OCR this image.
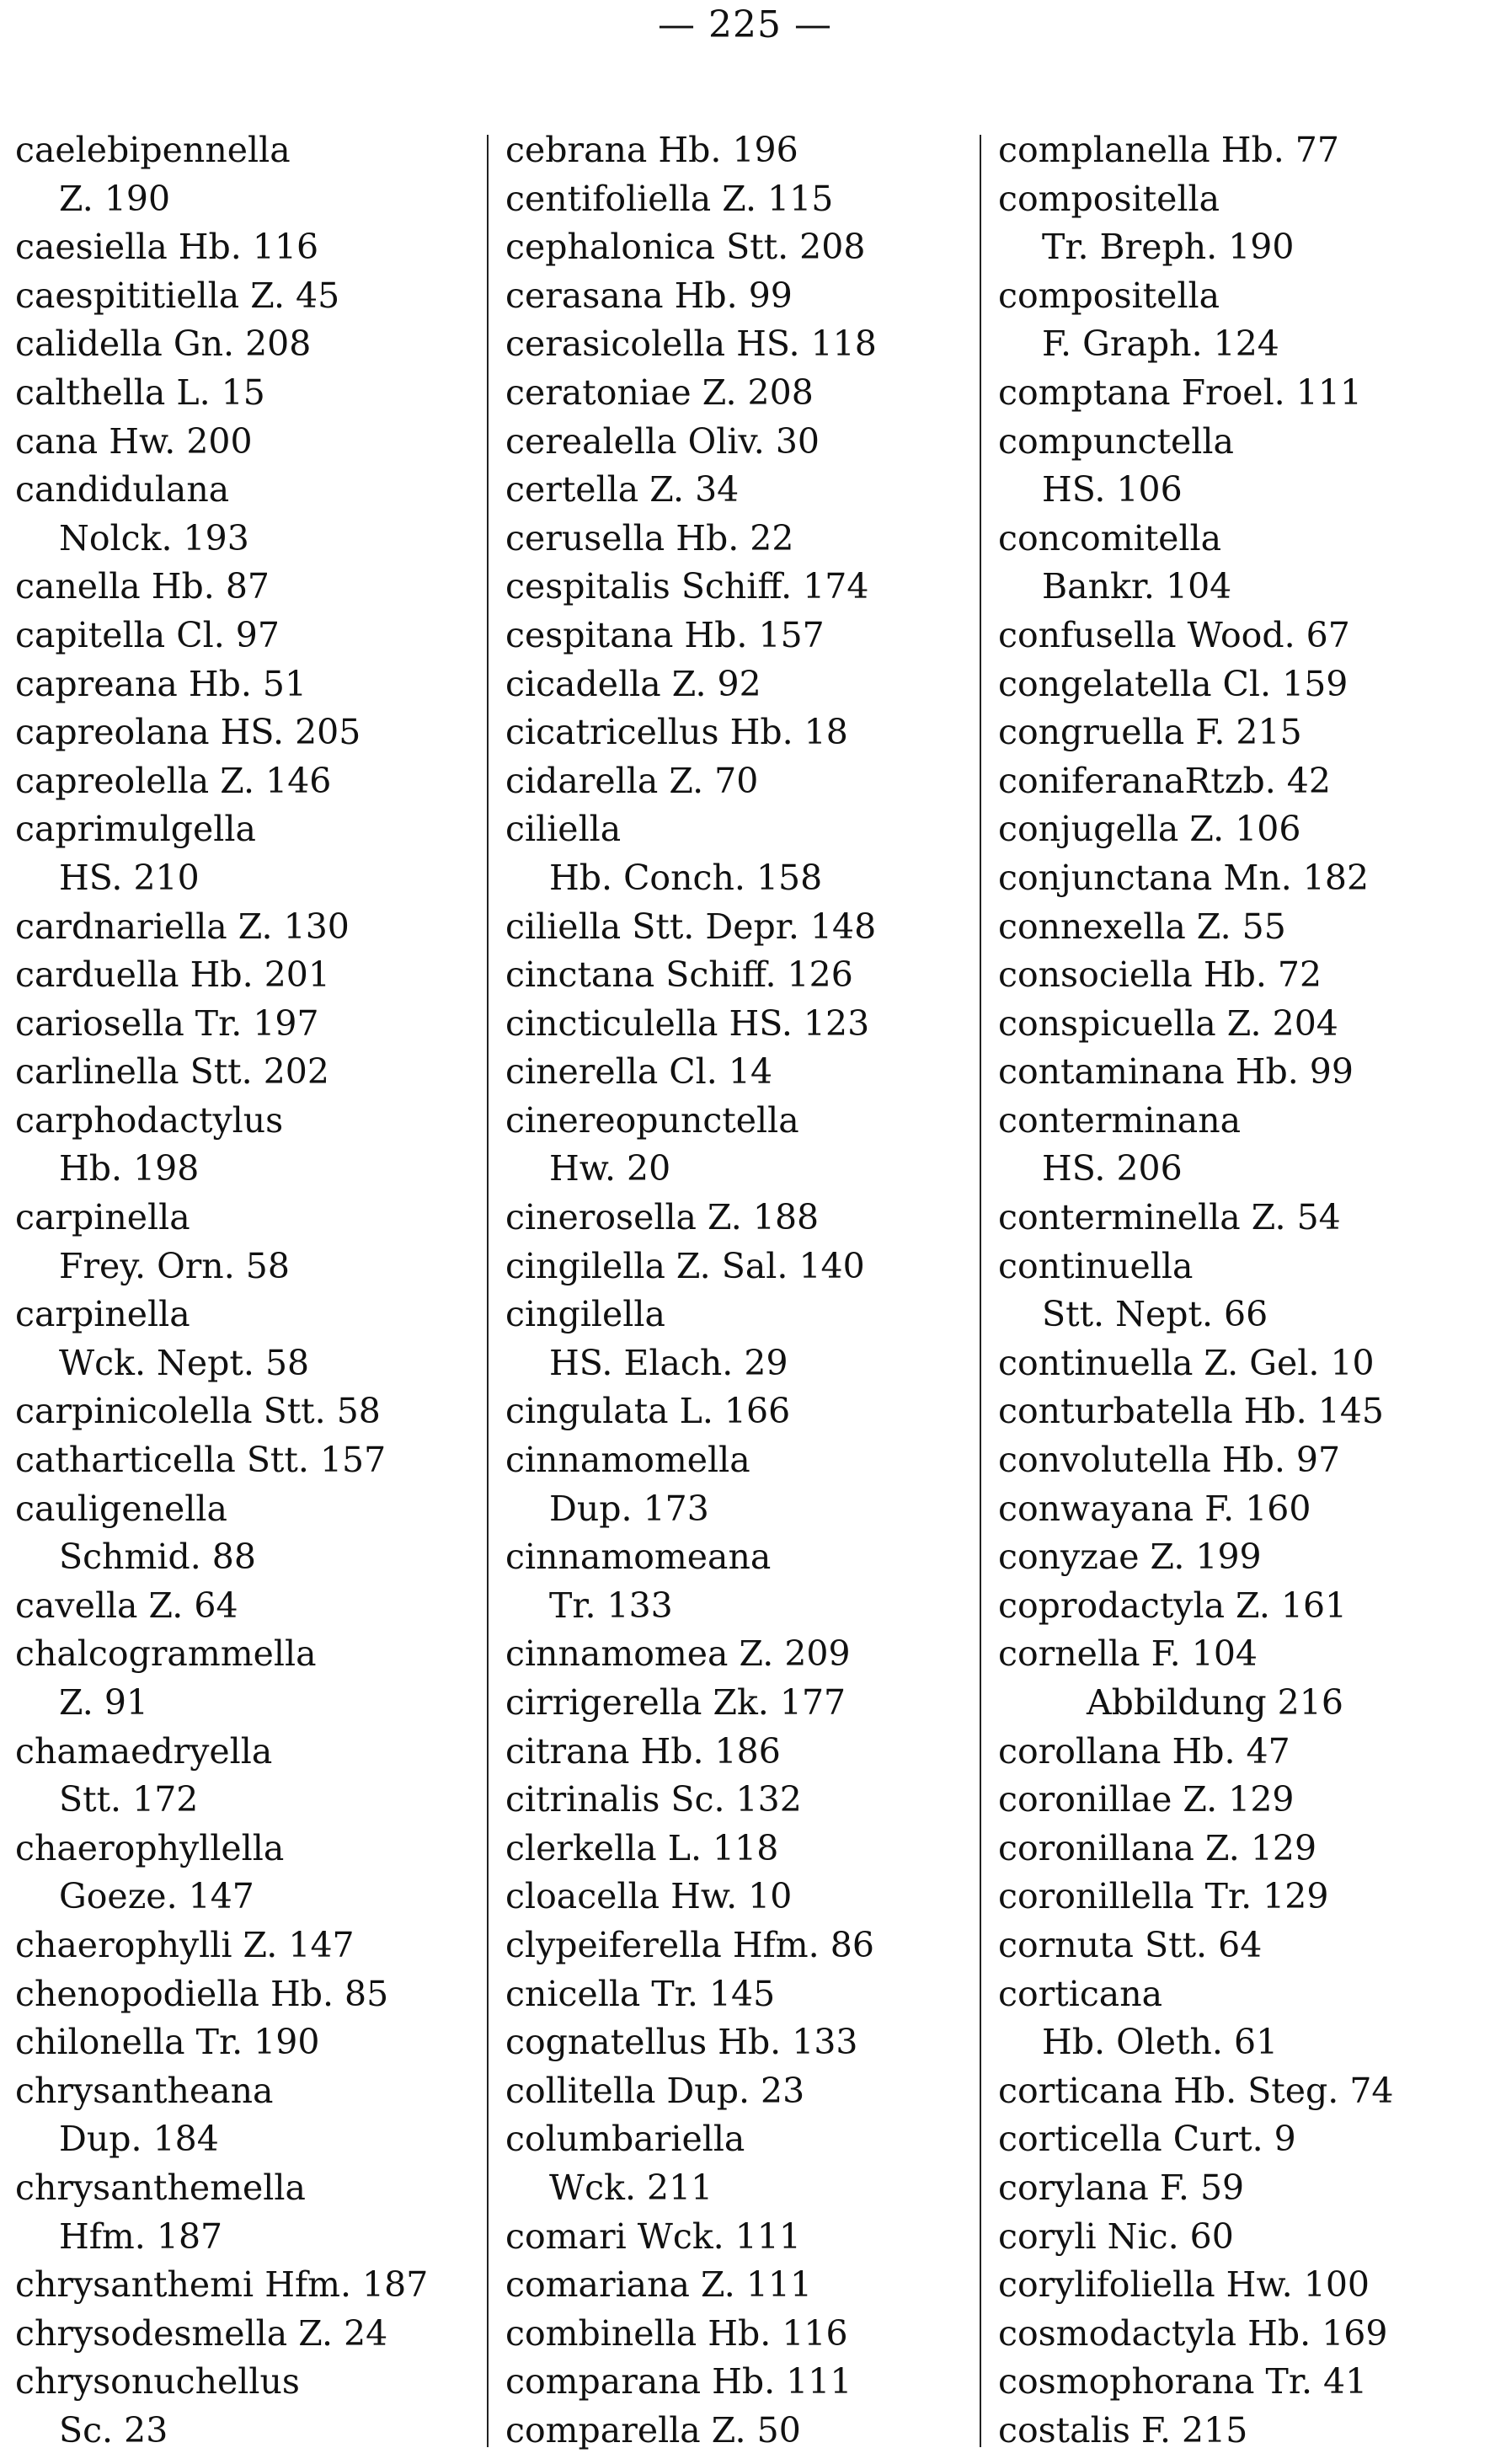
— 225 —
caelebipennella
Z. 190
caesiella Hb. 116
caespititiella Z. 45
calidella Gn. 208
calthella L. 15
cana Hw. 200
candidulana
Nolck. 193
canella Hb. 87
capitella Cl. 97
capreana Hb. 51
capreolana HS. 205
capreolella Z. 146
caprimulgella
HS. 210
cardnariella Z. 130
carduella Hb. 201
cariosella Tr. 197
carlinella Stt. 202
carphodactylus
Hb. 198
carpinella
Frey. Orn. 58
carpinella
Wck. Nept. 58
carpinicolella Stt. 58
catharticella Stt. 157
cauligenella
Schmid. 88
cavella Z. 64
chalcogrammella
Z. 91
chamaedryella
Stt. 172
chaerophyllella
Goeze. 147
chaerophylli Z. 147
chenopodiella Hb. 85
chilonella Tr. 190
chrysantheana
Dup. 184
chrysanthemella
Hfm. 187
chrysanthemi Hfm. 187
chrysodesmella Z. 24
chrysonuchellus
Sc. 23
cebrana Hb. 196
centifoliella Z. 115
cephalonica Stt. 208
cerasana Hb. 99
cerasicolella HS. 118
ceratoniae Z. 208
cerealella Oliv. 30
certella Z. 34
cerusella Hb. 22
cespitalis Schiff. 174
cespitana Hb. 157
cicadella Z. 92
cicatricellus Hb. 18
cidarella Z. 70
ciliella
Hb. Conch. 158
ciliella Stt. Depr. 148
cinctana Schiff. 126
cincticulella HS. 123
cinerella Cl. 14
cinereopunctella
Hw. 20
cinerosella Z. 188
cingilella Z. Sal. 140
cingilella
HS. Elach. 29
cingulata L. 166
cinnamomella
Dup. 173
cinnamomeana
Tr. 133
cinnamomea Z. 209
cirrigerella Zk. 177
citrana Hb. 186
citrinalis Sc. 132
clerkella L. 118
cloacella Hw. 10
clypeiferella Hfm. 86
cnicella Tr. 145
cognatellus Hb. 133
collitella Dup. 23
columbariella
Wck. 211
comari Wck. 111
comariana Z. 111
combinella Hb. 116
comparana Hb. 111
comparella Z. 50
complanella Hb. 77
compositella
Tr. Breph. 190
compositella
F. Graph. 124
comptana Froel. 111
compunctella
HS. 106
concomitella
Bankr. 104
confusella Wood. 67
congelatella Cl. 159
congruella F. 215
coniferanaRtzb. 42
conjugella Z. 106
conjunctana Mn. 182
connexella Z. 55
consociella Hb. 72
conspicuella Z. 204
contaminana Hb. 99
conterminana
HS. 206
conterminella Z. 54
continuella
Stt. Nept. 66
continuella Z. Gel. 10
conturbatella Hb. 145
convolutella Hb. 97
conwayana F. 160
conyzae Z. 199
coprodactyla Z. 161
cornella F. 104
Abbildung 216
corollana Hb. 47
coronillae Z. 129
coronillana Z. 129
coronillella Tr. 129
cornuta Stt. 64
corticana
Hb. Oleth. 61
corticana Hb. Steg. 74
corticella Curt. 9
corylana F. 59
coryli Nic. 60
corylifoliella Hw. 100
cosmodactyla Hb. 169
cosmophorana Tr. 41
costalis F. 215
